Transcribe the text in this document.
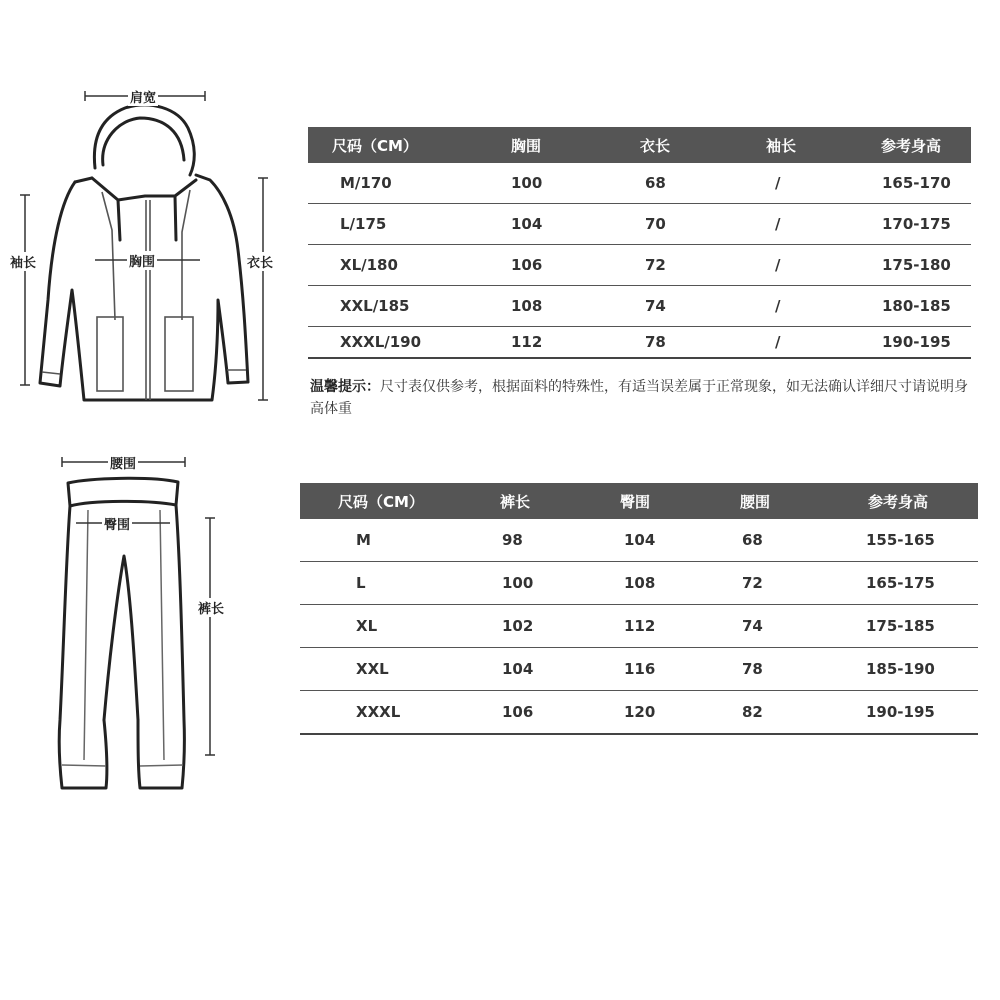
肩宽
袖长	胸围	衣长
尺码（CM）	胸围	衣长	袖长	参考身高
M/170	100	68	/	165-170
L/175	104	70	/	170-175
XL/180	106	72	/	175-180
XXL/185	108	74	/	180-185
XXXL/190	112	78	/	190-195
温馨提示：尺寸表仅供参考，根据面料的特殊性，有适当误差属于正常现象，如无法确认详细尺寸请说明身高体重
腰围
臀围
裤长
尺码（CM）	裤长	臀围	腰围	参考身高
M	98	104	68	155-165
L	100	108	72	165-175
XL	102	112	74	175-185
XXL	104	116	78	185-190
XXXL	106	120	82	190-195
